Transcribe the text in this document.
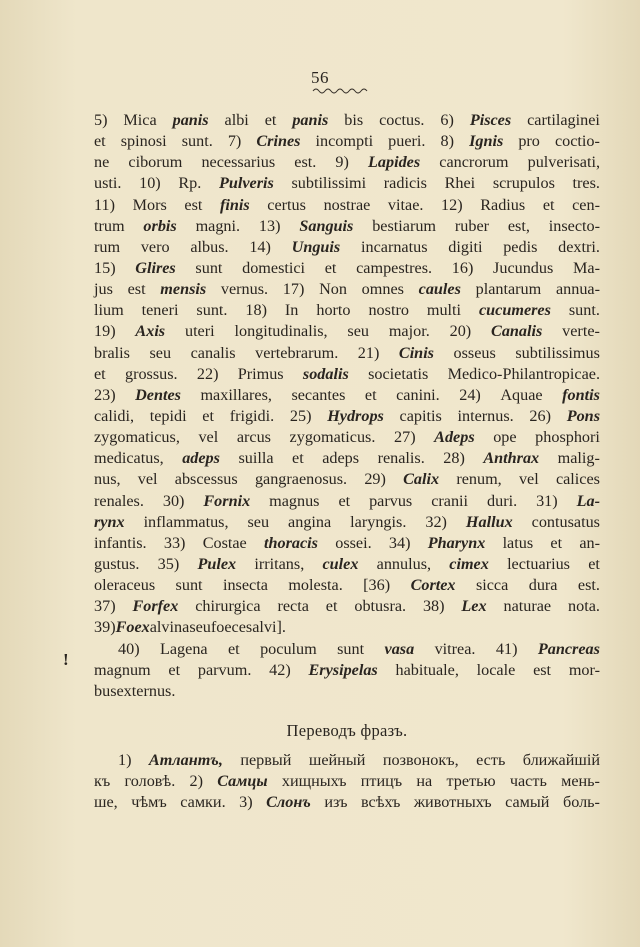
56
!
5) Mica panis albi et panis bis coctus. 6) Pisces cartilaginei
et spinosi sunt. 7) Crines incompti pueri. 8) Ignis pro coctio-
ne ciborum necessarius est. 9) Lapides cancrorum pulverisati,
usti. 10) Rp. Pulveris subtilissimi radicis Rhei scrupulos tres.
11) Mors est finis certus nostrae vitae. 12) Radius et cen-
trum orbis magni. 13) Sanguis bestiarum ruber est, insecto-
rum vero albus. 14) Unguis incarnatus digiti pedis dextri.
15) Glires sunt domestici et campestres. 16) Jucundus Ma-
jus est mensis vernus. 17) Non omnes caules plantarum annua-
lium teneri sunt. 18) In horto nostro multi cucumeres sunt.
19) Axis uteri longitudinalis, seu major. 20) Canalis verte-
bralis seu canalis vertebrarum. 21) Cinis osseus subtilissimus
et grossus. 22) Primus sodalis societatis Medico-Philantropicae.
23) Dentes maxillares, secantes et canini. 24) Aquae fontis
calidi, tepidi et frigidi. 25) Hydrops capitis internus. 26) Pons
zygomaticus, vel arcus zygomaticus. 27) Adeps ope phosphori
medicatus, adeps suilla et adeps renalis. 28) Anthrax malig-
nus, vel abscessus gangraenosus. 29) Calix renum, vel calices
renales. 30) Fornix magnus et parvus cranii duri. 31) La-
rynx inflammatus, seu angina laryngis. 32) Hallux contusatus
infantis. 33) Costae thoracis ossei. 34) Pharynx latus et an-
gustus. 35) Pulex irritans, culex annulus, cimex lectuarius et
oleraceus sunt insecta molesta. [36) Cortex sicca dura est.
37) Forfex chirurgica recta et obtusra. 38) Lex naturae nota.
39) Foex alvina seu foeces alvi].
40) Lagena et poculum sunt vasa vitrea. 41) Pancreas
magnum et parvum. 42) Erysipelas habituale, locale est mor-
bus externus.
Переводъ фразъ.
1) Атлантъ, первый шейный позвонокъ, есть ближайшій
къ головѣ. 2) Самцы хищныхъ птицъ на третью часть мень-
ше, чѣмъ самки. 3) Слонъ изъ всѣхъ животныхъ самый боль-
